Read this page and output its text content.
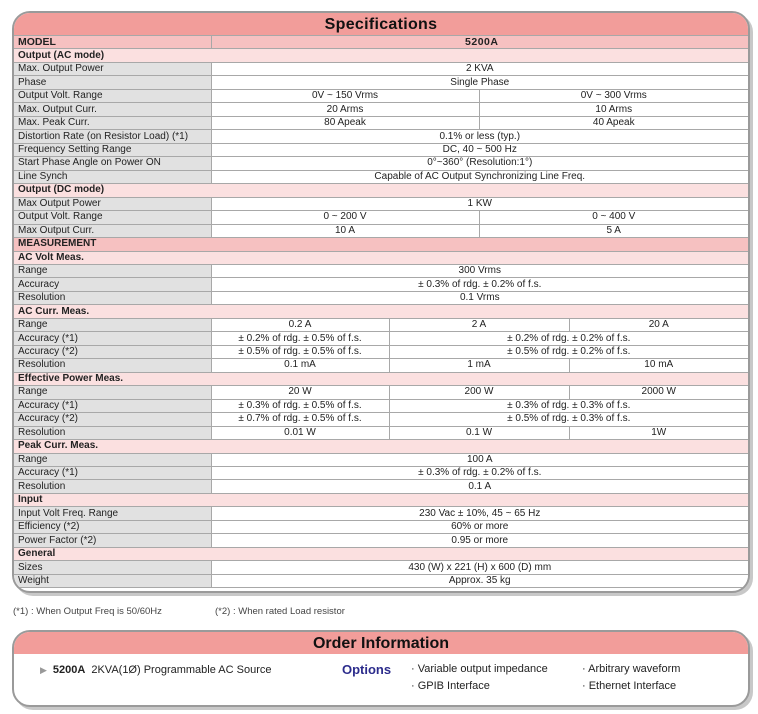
Specifications
MODEL	5200A			
Output (AC mode)				
Max. Output Power	2 KVA			
Phase	Single Phase			
Output Volt. Range	0V ~ 150 Vrms		0V ~ 300 Vrms	
Max. Output Curr.	20 Arms		10 Arms	
Max. Peak Curr.	80 Apeak		40 Apeak	
Distortion Rate (on Resistor Load) (*1)	0.1% or less (typ.)			
Frequency Setting Range	DC, 40 ~ 500 Hz			
Start Phase Angle on Power ON	0°~360° (Resolution:1°)			
Line Synch	Capable of AC Output Synchronizing Line Freq.			
Output (DC mode)				
Max Output Power	1 KW			
Output Volt. Range	0 ~ 200 V		0 ~ 400 V	
Max Output Curr.	10 A		5 A	
MEASUREMENT				
AC Volt Meas.				
Range	300 Vrms			
Accuracy	± 0.3% of rdg. ± 0.2% of f.s.			
Resolution	0.1 Vrms			
AC Curr. Meas.				
Range	0.2 A	2 A		20 A
Accuracy (*1)	± 0.2% of rdg. ± 0.5% of f.s.	± 0.2% of rdg. ± 0.2% of f.s.		
Accuracy (*2)	± 0.5% of rdg. ± 0.5% of f.s.	± 0.5% of rdg. ± 0.2% of f.s.		
Resolution	0.1 mA	1 mA		10 mA
Effective Power Meas.				
Range	20 W	200 W		2000 W
Accuracy (*1)	± 0.3% of rdg. ± 0.5% of f.s.	± 0.3% of rdg. ± 0.3% of f.s.		
Accuracy (*2)	± 0.7% of rdg. ± 0.5% of f.s.	± 0.5% of rdg. ± 0.3% of f.s.		
Resolution	0.01 W	0.1 W		1W
Peak Curr. Meas.				
Range	100 A			
Accuracy (*1)	± 0.3% of rdg. ± 0.2% of f.s.			
Resolution	0.1 A			
Input				
Input Volt Freq. Range	230 Vac ± 10%, 45 ~ 65 Hz			
Efficiency (*2)	60% or more			
Power Factor (*2)	0.95 or more			
General				
Sizes	430 (W) x 221 (H) x 600 (D) mm			
Weight	Approx. 35 kg			
(*1) : When Output Freq is 50/60Hz	(*2) : When rated Load resistor
Order Information
▶ 5200A 2KVA(1Ø) Programmable AC Source	Options · Variable output impedance	· Arbitrary waveform
· GPIB Interface	· Ethernet Interface
